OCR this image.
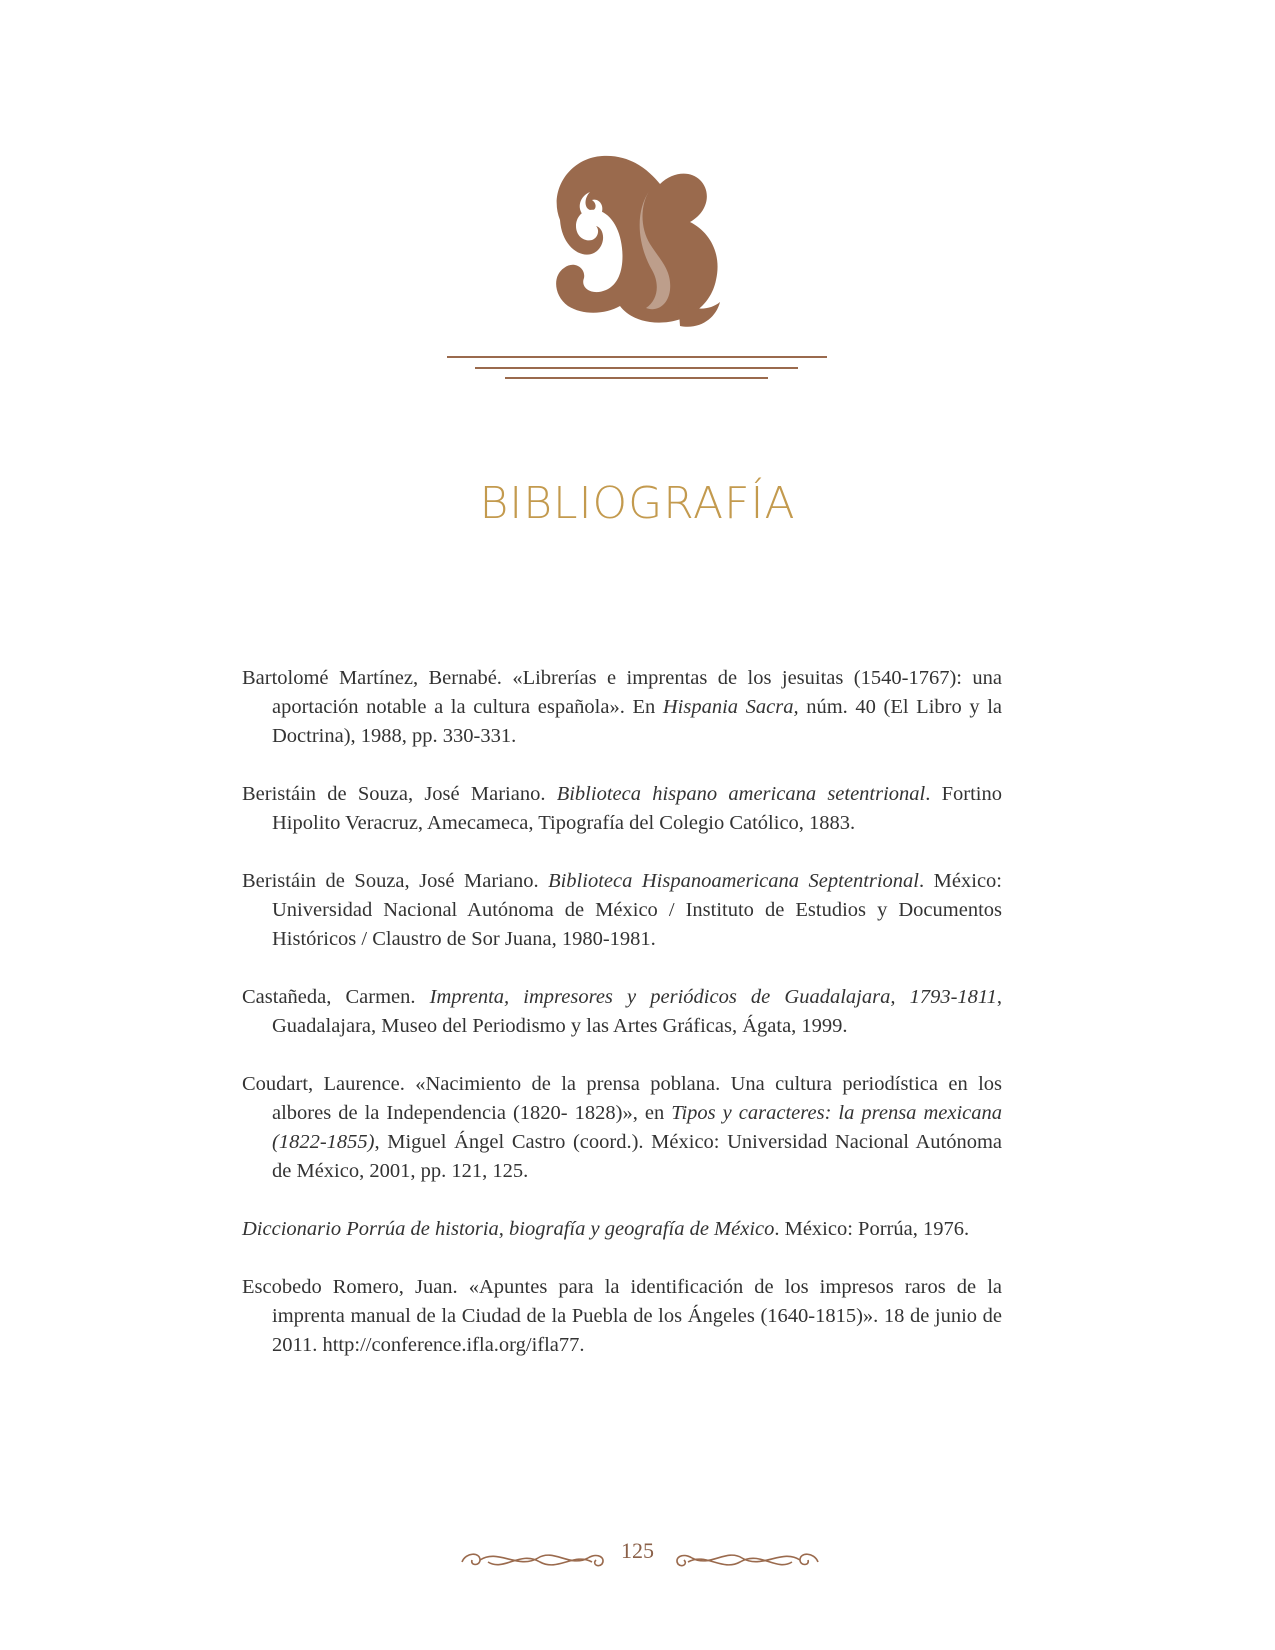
BIBLIOGRAFÍA
Bartolomé Martínez, Bernabé. «Librerías e imprentas de los jesuitas (1540-1767): una aportación notable a la cultura española». En Hispania Sacra, núm. 40 (El Libro y la Doctrina), 1988, pp. 330-331.
Beristáin de Souza, José Mariano. Biblioteca hispano americana setentrional. Fortino Hipolito Veracruz, Amecameca, Tipografía del Colegio Católico, 1883.
Beristáin de Souza, José Mariano. Biblioteca Hispanoamericana Septentrional. México: Universidad Nacional Autónoma de México / Instituto de Estudios y Documentos Históricos / Claustro de Sor Juana, 1980-1981.
Castañeda, Carmen. Imprenta, impresores y periódicos de Guadalajara, 1793-1811, Guadalajara, Museo del Periodismo y las Artes Gráficas, Ágata, 1999.
Coudart, Laurence. «Nacimiento de la prensa poblana. Una cultura periodística en los albores de la Independencia (1820- 1828)», en Tipos y caracteres: la prensa mexicana (1822-1855), Miguel Ángel Castro (coord.). México: Universidad Nacional Autónoma de México, 2001, pp. 121, 125.
Diccionario Porrúa de historia, biografía y geografía de México. México: Porrúa, 1976.
Escobedo Romero, Juan. «Apuntes para la identificación de los impresos raros de la imprenta manual de la Ciudad de la Puebla de los Ángeles (1640-1815)». 18 de junio de 2011. http://conference.ifla.org/ifla77.
125
